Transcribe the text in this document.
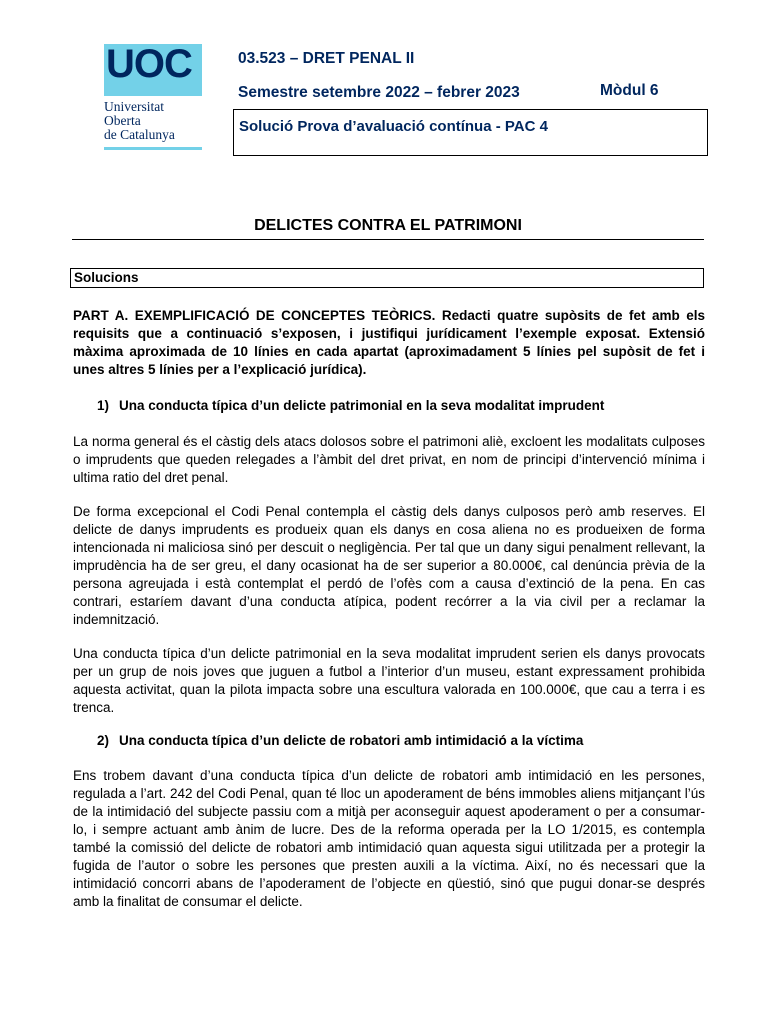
UOC
Universitat
Oberta
de Catalunya
03.523 – DRET PENAL II
Semestre setembre 2022 – febrer 2023	Mòdul 6
Solució Prova d’avaluació contínua - PAC 4
DELICTES CONTRA EL PATRIMONI
Solucions

PART A. EXEMPLIFICACIÓ DE CONCEPTES TEÒRICS. Redacti quatre supòsits de fet amb els requisits que a continuació s’exposen, i justifiqui jurídicament l’exemple exposat. Extensió màxima aproximada de 10 línies en cada apartat (aproximadament 5 línies pel supòsit de fet i unes altres 5 línies per a l’explicació jurídica).

1) Una conducta típica d’un delicte patrimonial en la seva modalitat imprudent

La norma general és el càstig dels atacs dolosos sobre el patrimoni aliè, excloent les modalitats culposes o imprudents que queden relegades a l’àmbit del dret privat, en nom de principi d’intervenció mínima i ultima ratio del dret penal.

De forma excepcional el Codi Penal contempla el càstig dels danys culposos però amb reserves. El delicte de danys imprudents es produeix quan els danys en cosa aliena no es produeixen de forma intencionada ni maliciosa sinó per descuit o negligència. Per tal que un dany sigui penalment rellevant, la imprudència ha de ser greu, el dany ocasionat ha de ser superior a 80.000€, cal denúncia prèvia de la persona agreujada i està contemplat el perdó de l’ofès com a causa d’extinció de la pena. En cas contrari, estaríem davant d’una conducta atípica, podent recórrer a la via civil per a reclamar la indemnització.

Una conducta típica d’un delicte patrimonial en la seva modalitat imprudent serien els danys provocats per un grup de nois joves que juguen a futbol a l’interior d’un museu, estant expressament prohibida aquesta activitat, quan la pilota impacta sobre una escultura valorada en 100.000€, que cau a terra i es trenca.

2) Una conducta típica d’un delicte de robatori amb intimidació a la víctima

Ens trobem davant d’una conducta típica d’un delicte de robatori amb intimidació en les persones, regulada a l’art. 242 del Codi Penal, quan té lloc un apoderament de béns immobles aliens mitjançant l’ús de la intimidació del subjecte passiu com a mitjà per aconseguir aquest apoderament o per a consumar-lo, i sempre actuant amb ànim de lucre. Des de la reforma operada per la LO 1/2015, es contempla també la comissió del delicte de robatori amb intimidació quan aquesta sigui utilitzada per a protegir la fugida de l’autor o sobre les persones que presten auxili a la víctima. Així, no és necessari que la intimidació concorri abans de l’apoderament de l’objecte en qüestió, sinó que pugui donar-se després amb la finalitat de consumar el delicte.
